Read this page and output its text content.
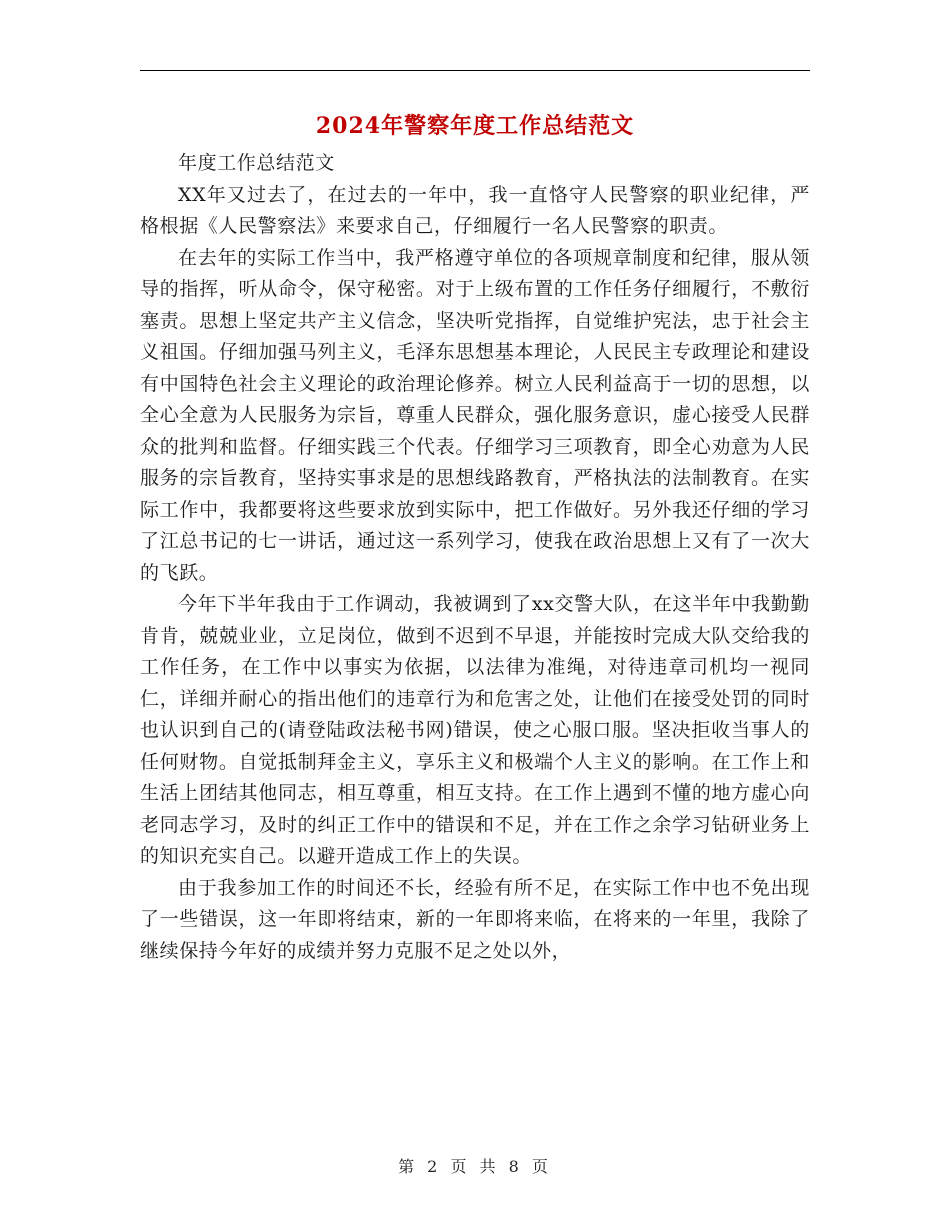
2024年警察年度工作总结范文

年度工作总结范文

XX年又过去了，在过去的一年中，我一直恪守人民警察的职业纪律，严格根据《人民警察法》来要求自己，仔细履行一名人民警察的职责。

在去年的实际工作当中，我严格遵守单位的各项规章制度和纪律，服从领导的指挥，听从命令，保守秘密。对于上级布置的工作任务仔细履行，不敷衍塞责。思想上坚定共产主义信念，坚决听党指挥，自觉维护宪法，忠于社会主义祖国。仔细加强马列主义，毛泽东思想基本理论，人民民主专政理论和建设有中国特色社会主义理论的政治理论修养。树立人民利益高于一切的思想，以全心全意为人民服务为宗旨，尊重人民群众，强化服务意识，虚心接受人民群众的批判和监督。仔细实践三个代表。仔细学习三项教育，即全心劝意为人民服务的宗旨教育，坚持实事求是的思想线路教育，严格执法的法制教育。在实际工作中，我都要将这些要求放到实际中，把工作做好。另外我还仔细的学习了江总书记的七一讲话，通过这一系列学习，使我在政治思想上又有了一次大的飞跃。

今年下半年我由于工作调动，我被调到了xx交警大队，在这半年中我勤勤肯肯，兢兢业业，立足岗位，做到不迟到不早退，并能按时完成大队交给我的工作任务，在工作中以事实为依据，以法律为准绳，对待违章司机均一视同仁，详细并耐心的指出他们的违章行为和危害之处，让他们在接受处罚的同时也认识到自己的(请登陆政法秘书网)错误，使之心服口服。坚决拒收当事人的任何财物。自觉抵制拜金主义，享乐主义和极端个人主义的影响。在工作上和生活上团结其他同志，相互尊重，相互支持。在工作上遇到不懂的地方虚心向老同志学习，及时的纠正工作中的错误和不足，并在工作之余学习钻研业务上的知识充实自己。以避开造成工作上的失误。

由于我参加工作的时间还不长，经验有所不足，在实际工作中也不免出现了一些错误，这一年即将结束，新的一年即将来临，在将来的一年里，我除了继续保持今年好的成绩并努力克服不足之处以外，

第 2 页 共 8 页
